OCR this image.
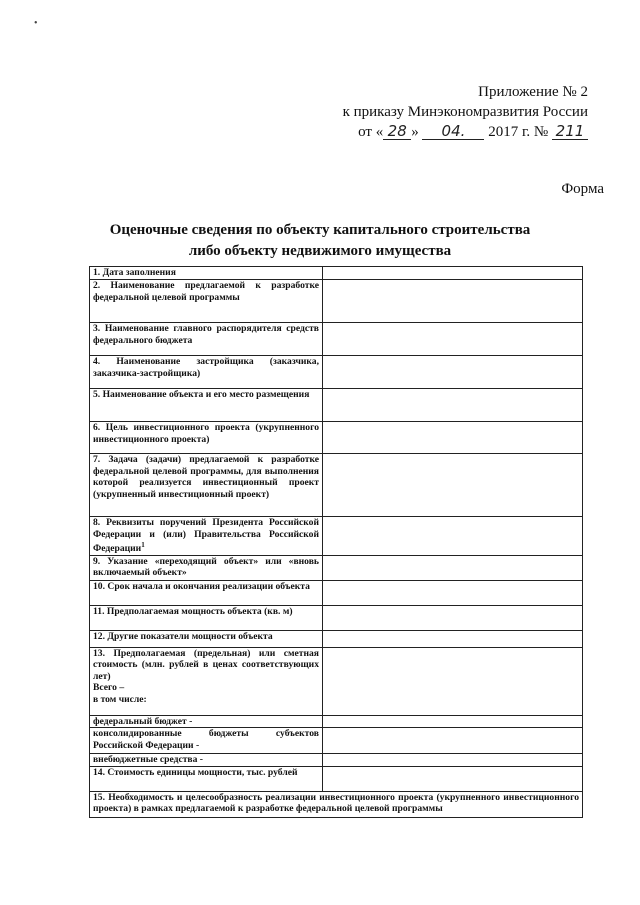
Приложение № 2
к приказу Минэкономразвития России
от « 28 » 04. 2017 г. № 211
Форма
Оценочные сведения по объекту капитального строительства
либо объекту недвижимого имущества
•
1. Дата заполнения	
2. Наименование предлагаемой к разработке федеральной целевой программы	
3. Наименование главного распорядителя средств федерального бюджета	
4. Наименование застройщика (заказчика, заказчика-застройщика)	
5. Наименование объекта и его место размещения	
6. Цель инвестиционного проекта (укрупненного инвестиционного проекта)	
7. Задача (задачи) предлагаемой к разработке федеральной целевой программы, для выполнения которой реализуется инвестиционный проект (укрупненный инвестиционный проект)	
8. Реквизиты поручений Президента Российской Федерации и (или) Правительства Российской Федерации$^1$	
9. Указание «переходящий объект» или «вновь включаемый объект»	
10. Срок начала и окончания реализации объекта	
11. Предполагаемая мощность объекта (кв. м)	
12. Другие показатели мощности объекта	
13. Предполагаемая (предельная) или сметная стоимость (млн. рублей в ценах соответствующих лет)
Всего –
в том числе:	
федеральный бюджет -	
консолидированные бюджеты субъектов Российской Федерации -	
внебюджетные средства -	
14. Стоимость единицы мощности, тыс. рублей	
15. Необходимость и целесообразность реализации инвестиционного проекта (укрупненного инвестиционного проекта) в рамках предлагаемой к разработке федеральной целевой программы	
